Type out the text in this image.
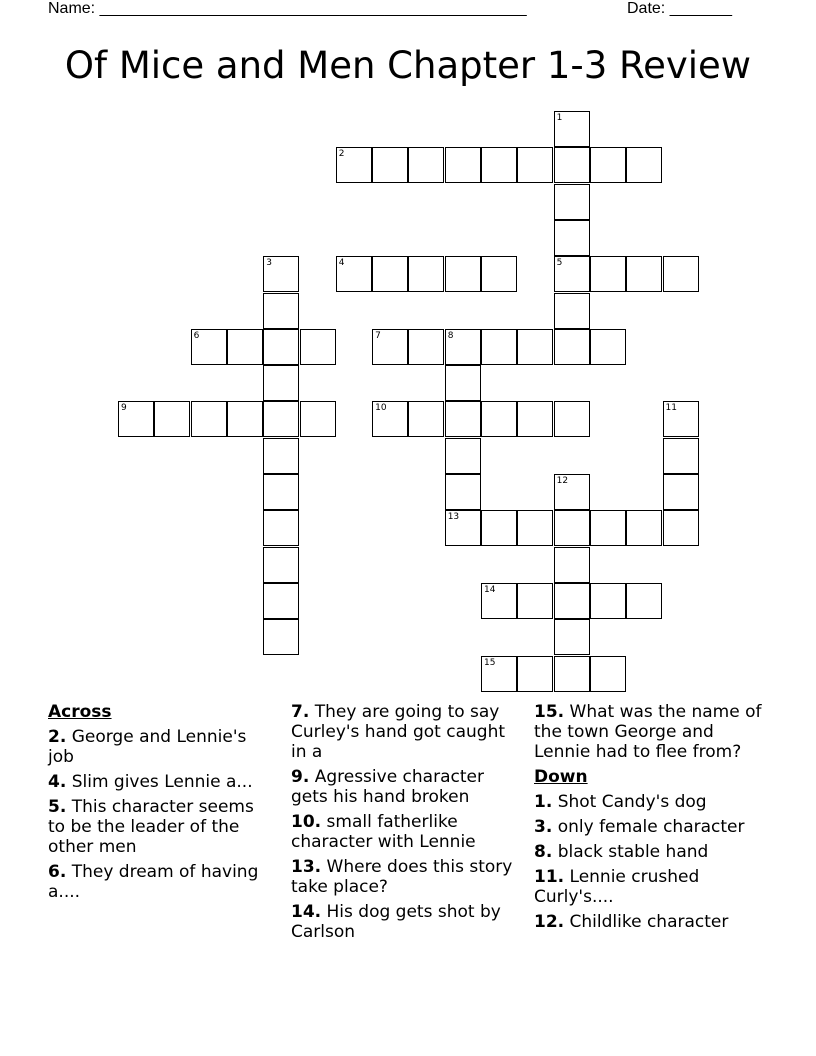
Name: ________________________________________________	Date: _______
Of Mice and Men Chapter 1-3 Review
2
4	5
6	7	8
9	10
13
14
15
1
3
11
12
Across
2. George and Lennie's job
4. Slim gives Lennie a...
5. This character seems to be the leader of the other men
6. They dream of having a....
7. They are going to say Curley's hand got caught in a
9. Agressive character gets his hand broken
10. small fatherlike character with Lennie
13. Where does this story take place?
14. His dog gets shot by Carlson
15. What was the name of the town George and Lennie had to flee from?
Down
1. Shot Candy's dog
3. only female character
8. black stable hand
11. Lennie crushed Curly's....
12. Childlike character
